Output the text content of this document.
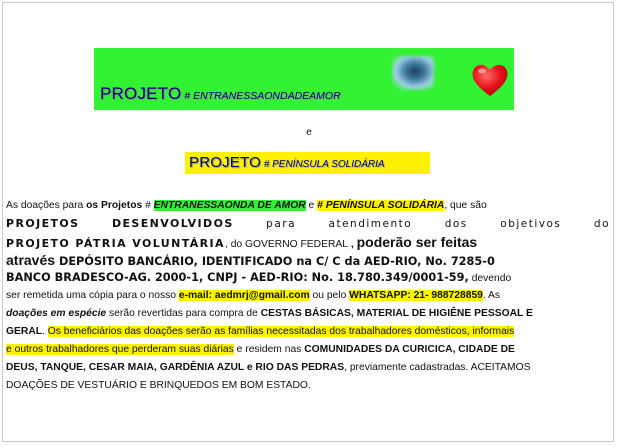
PROJETO # ENTRANESSAONDADEAMOR
e
PROJETO # PENÍNSULA SOLIDÁRIA
As doações para os Projetos # ENTRANESSAONDA DE AMOR e # PENÍNSULA SOLIDÁRIA, que são
PROJETOS	DESENVOLVIDOS	para	atendimento	dos	objetivos	do
PROJETO PÁTRIA VOLUNTÁRIA, do GOVERNO FEDERAL , poderão ser feitas
através DEPÓSITO BANCÁRIO, IDENTIFICADO na C/ C da AED-RIO, No. 7285-0
BANCO BRADESCO-AG. 2000-1, CNPJ - AED-RIO: No. 18.780.349/0001-59, devendo
ser remetida uma cópia para o nosso e-mail: aedmrj@gmail.com ou pelo WHATSAPP: 21- 988728859. As
doações em espécie serão revertidas para compra de CESTAS BÁSICAS, MATERIAL DE HIGIÊNE PESSOAL E
GERAL. Os beneficiários das doações serão as famílias necessitadas dos trabalhadores domésticos, informais
e outros trabalhadores que perderam suas diárias e residem nas COMUNIDADES DA CURICICA, CIDADE DE
DEUS, TANQUE, CESAR MAIA, GARDÊNIA AZUL e RIO DAS PEDRAS, previamente cadastradas. ACEITAMOS
DOAÇÕES DE VESTUÁRIO E BRINQUEDOS EM BOM ESTADO.
